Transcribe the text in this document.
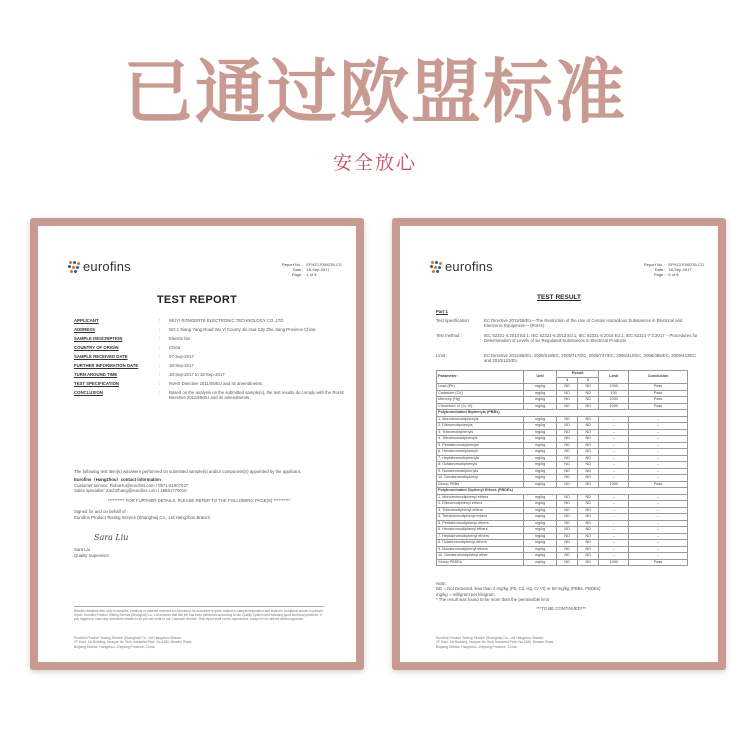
已通过欧盟标准
安全放心
eurofins	Report No. : EFHZ17090235-CG
Date : 18-Sep-2017
Page : 1 of 6
TEST REPORT
APPLICANT	:	WUYI RONGERTE ELECTRONIC TECHNOLOGY CO.,LTD
ADDRESS	:	NO.1 Xiang Yang Road Wu Yi County Jin Hua City Zhe Jiang Province China
SAMPLE DESCRIPTION	:	Electric fan
COUNTRY OF ORIGIN	:	China
SAMPLE RECEIVED DATE	:	07-Sep-2017
FURTHER INFORMATION DATE	:	18-Sep-2017
TURN AROUND TIME	:	18-Sep-2017 to 18-Sep-2017
TEST SPECIFICATION	:	RoHS Directive 2011/65/EU and its amendments.
CONCLUSION	:	Based on the analysis on the submitted sample(s), the test results do comply with the RoHS Directive 2011/65/EU and its amendments.
The following test item(s) was/were performed on submitted sample(s) and/or component(s) appointed by the applicant.
Eurofins（Hangzhou）contact information
Customer service: RoboHu@eurofins.com / 0571-81907027
Sales specialist: ZachZhang@eurofins.com / 18661770010
********** FOR FURTHER DETAILS, PLEASE REFER TO THE FOLLOWING PAGE(S) **********
Signed for and on behalf of
Eurofins Product Testing Service (Shanghai) Co., Ltd Hangzhou Branch
Sara Liu
Sara Liu
Quality Supervisor
Results obtained refer only to samples, products or material received in Laboratory. Its document is given related to sample description and tested in conditions shown in present report. Eurofins Product Testing Service (Shanghai) Co., Ltd ensures that this job has been performed according to our Quality System and following good technical practices. If you happen to have any comments related to its you can write to our Customer Service. This report shall not be reproduced, except in full, without written approval.
Eurofins Product Testing Service (Shanghai) Co., Ltd Hangzhou Branch
2F East, 1st Building, Huayue No Tech Industrial Park, No.1180, Binwen Road,
Binjiang District, Hangzhou, Zhejiang Province, China
eurofins	Report No. : EFHZ17090235-CG
Date : 18-Sep-2017
Page : 5 of 6
TEST RESULT
Part 1
Test specification:	EC Directive 2011/65/EU—The Restriction of the Use of Certain Hazardous Substances in Electrical and Electronic Equipment— (RoHS)
Test method :	IEC 62321-4:2013 Ed.1, IEC 62321-5:2013 Ed.1, IEC 62321-6:2015 Ed.1, IEC 62321-7-2:2017 – Procedures for Determination of Levels of six Regulated Substances in Electrical Products
Limit :	EC Directive 2011/65/EU, 2005/618/EC, 2005/717/EC, 2005/747/EC, 2006/310/EC, 2008/385/EC, 2009/443/EC and 2010/122/EU
Parameter:	Unit	Result		Limit	Conclusion
		1	2		
Lead (Pb)	mg/kg	ND	ND	1000	Pass
Cadmium (Cd)	mg/kg	ND	ND	100	Pass
Mercury (Hg)	mg/kg	ND	ND	1000	Pass
Chromium VI (Cr VI)	mg/kg	ND	ND	1000	Pass
Polybrominated Biphenyls (PBBs)					
1. Monobromobiphenyls	mg/kg	ND	ND	--	--
2. Dibromobiphenyls	mg/kg	ND	ND	--	--
3. Tribromobiphenyls	mg/kg	ND	ND	--	--
4. Tetrabromobiphenyls	mg/kg	ND	ND	--	--
5. Pentabromobiphenyls	mg/kg	ND	ND	--	--
6. Hexabromobiphenyls	mg/kg	ND	ND	--	--
7. Heptabromobiphenyls	mg/kg	ND	ND	--	--
8. Octabromobiphenyls	mg/kg	ND	ND	--	--
9. Nonabromobiphenyls	mg/kg	ND	ND	--	--
10. Decabromobiphenyl	mg/kg	ND	ND	--	--
Group PBBs	mg/kg	ND	ND	1000	Pass
Polybrominated Diphenyl Ethers (PBDEs)					
1. Monobromodiphenyl ethers	mg/kg	ND	ND	--	--
2. Dibromodiphenyl ethers	mg/kg	ND	ND	--	--
3. Tribromodiphenyl ethers	mg/kg	ND	ND	--	--
4. Tetrabromodiphenyl ethers	mg/kg	ND	ND	--	--
5. Pentabromodiphenyl ethers	mg/kg	ND	ND	--	--
6. Hexabromodiphenyl ethers	mg/kg	ND	ND	--	--
7. Heptabromodiphenyl ethers	mg/kg	ND	ND	--	--
8. Octabromodiphenyl ethers	mg/kg	ND	ND	--	--
9. Nonabromodiphenyl ethers	mg/kg	ND	ND	--	--
10. Decabromodiphenyl ether	mg/kg	ND	ND	--	--
Group PBDEs	mg/kg	ND	ND	1000	Pass
Note:
ND = Not Detected, less than 2 mg/kg (Pb, Cd, Hg, Cr VI) or 50 mg/kg (PBBs, PBDEs)
mg/kg = milligram per kilogram
* The result was found to be more than the permissible limit
***TO BE CONTINUED***
Eurofins Product Testing Service (Shanghai) Co., Ltd Hangzhou Branch
2F East, 1st Building, Huayue No Tech Industrial Park, No.1180, Binwen Road,
Binjiang District, Hangzhou, Zhejiang Province, China
